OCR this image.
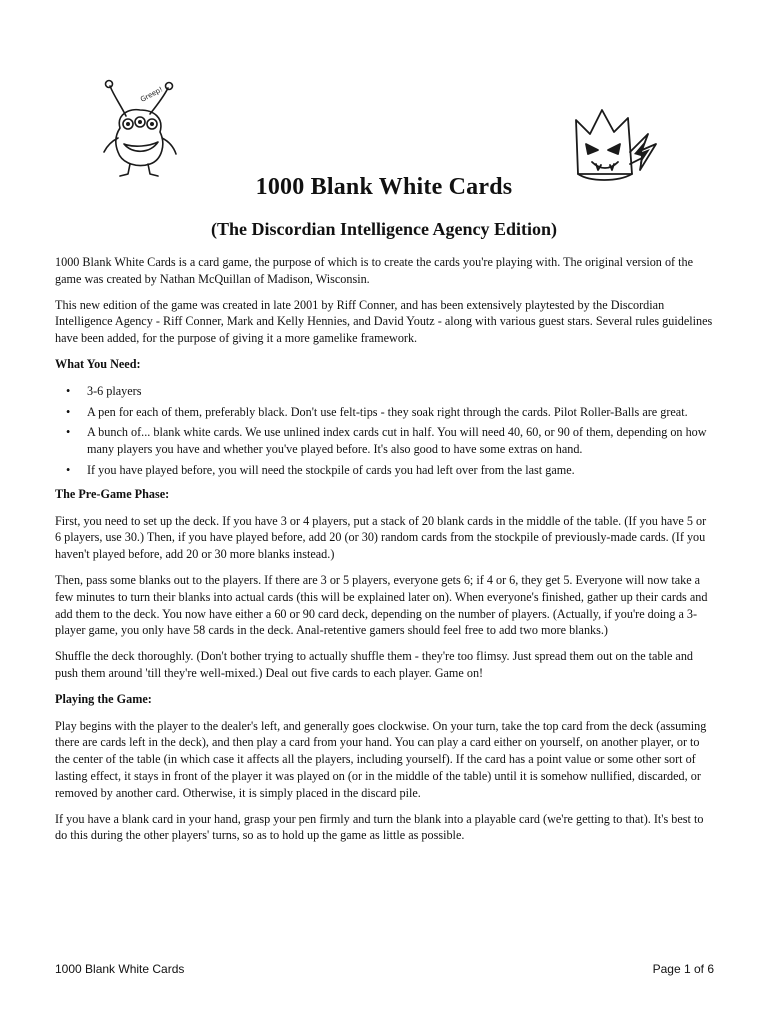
Greep!
1000 Blank White Cards
(The Discordian Intelligence Agency Edition)

1000 Blank White Cards is a card game, the purpose of which is to create the cards you're playing with. The original version of the game was created by Nathan McQuillan of Madison, Wisconsin.

This new edition of the game was created in late 2001 by Riff Conner, and has been extensively playtested by the Discordian Intelligence Agency - Riff Conner, Mark and Kelly Hennies, and David Youtz - along with various guest stars. Several rules guidelines have been added, for the purpose of giving it a more gamelike framework.

What You Need:

• 3-6 players
• A pen for each of them, preferably black. Don't use felt-tips - they soak right through the cards. Pilot Roller-Balls are great.
• A bunch of... blank white cards. We use unlined index cards cut in half. You will need 40, 60, or 90 of them, depending on how many players you have and whether you've played before. It's also good to have some extras on hand.
• If you have played before, you will need the stockpile of cards you had left over from the last game.

The Pre-Game Phase:

First, you need to set up the deck. If you have 3 or 4 players, put a stack of 20 blank cards in the middle of the table. (If you have 5 or 6 players, use 30.) Then, if you have played before, add 20 (or 30) random cards from the stockpile of previously-made cards. (If you haven't played before, add 20 or 30 more blanks instead.)

Then, pass some blanks out to the players. If there are 3 or 5 players, everyone gets 6; if 4 or 6, they get 5. Everyone will now take a few minutes to turn their blanks into actual cards (this will be explained later on). When everyone's finished, gather up their cards and add them to the deck. You now have either a 60 or 90 card deck, depending on the number of players. (Actually, if you're doing a 3-player game, you only have 58 cards in the deck. Anal-retentive gamers should feel free to add two more blanks.)

Shuffle the deck thoroughly. (Don't bother trying to actually shuffle them - they're too flimsy. Just spread them out on the table and push them around 'till they're well-mixed.) Deal out five cards to each player. Game on!

Playing the Game:

Play begins with the player to the dealer's left, and generally goes clockwise. On your turn, take the top card from the deck (assuming there are cards left in the deck), and then play a card from your hand. You can play a card either on yourself, on another player, or to the center of the table (in which case it affects all the players, including yourself). If the card has a point value or some other sort of lasting effect, it stays in front of the player it was played on (or in the middle of the table) until it is somehow nullified, discarded, or removed by another card. Otherwise, it is simply placed in the discard pile.

If you have a blank card in your hand, grasp your pen firmly and turn the blank into a playable card (we're getting to that). It's best to do this during the other players' turns, so as to hold up the game as little as possible.

1000 Blank White Cards	Page 1 of 6
